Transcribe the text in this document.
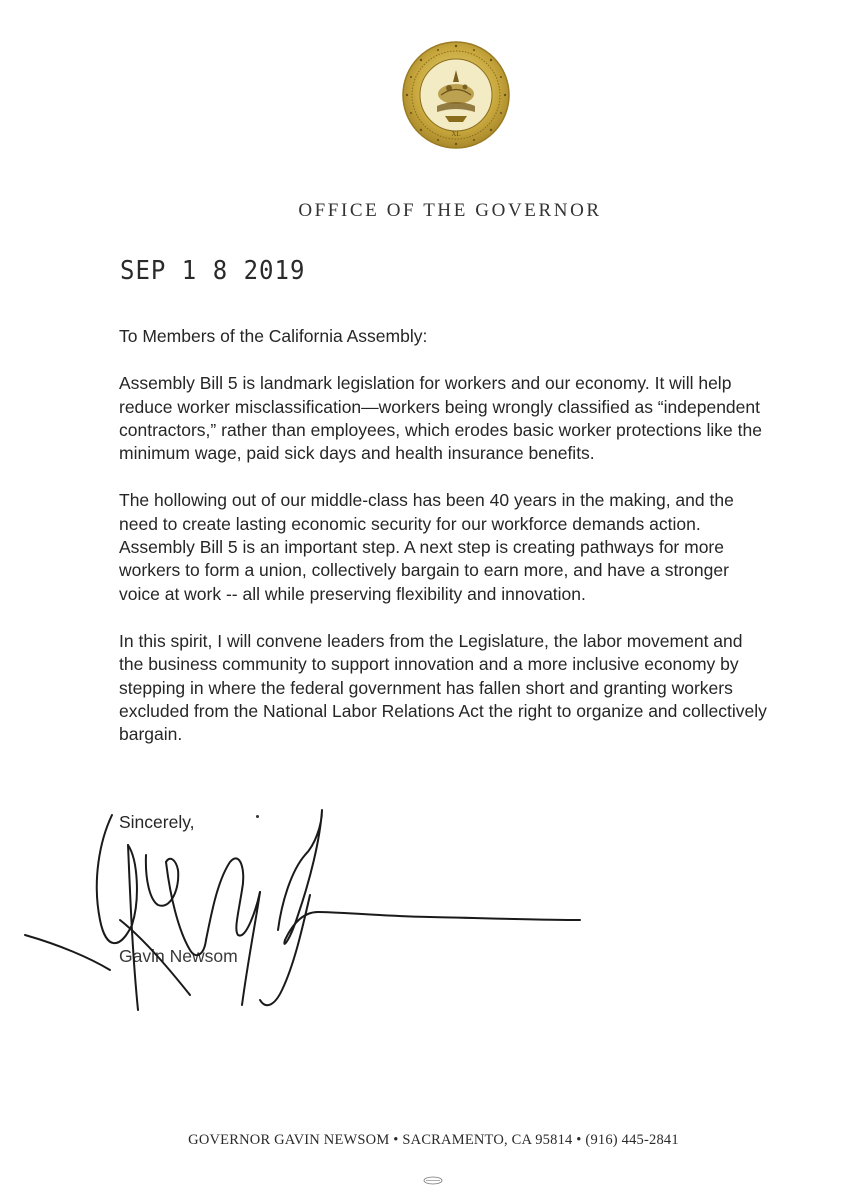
XL
OFFICE OF THE GOVERNOR
SEP 1 8 2019

To Members of the California Assembly:

Assembly Bill 5 is landmark legislation for workers and our economy. It will help reduce worker misclassification—workers being wrongly classified as “independent contractors,” rather than employees, which erodes basic worker protections like the minimum wage, paid sick days and health insurance benefits.

The hollowing out of our middle-class has been 40 years in the making, and the need to create lasting economic security for our workforce demands action. Assembly Bill 5 is an important step. A next step is creating pathways for more workers to form a union, collectively bargain to earn more, and have a stronger voice at work -- all while preserving flexibility and innovation.

In this spirit, I will convene leaders from the Legislature, the labor movement and the business community to support innovation and a more inclusive economy by stepping in where the federal government has fallen short and granting workers excluded from the National Labor Relations Act the right to organize and collectively bargain.

Sincerely,
Gavin Newsom
GOVERNOR GAVIN NEWSOM • SACRAMENTO, CA 95814 • (916) 445-2841
